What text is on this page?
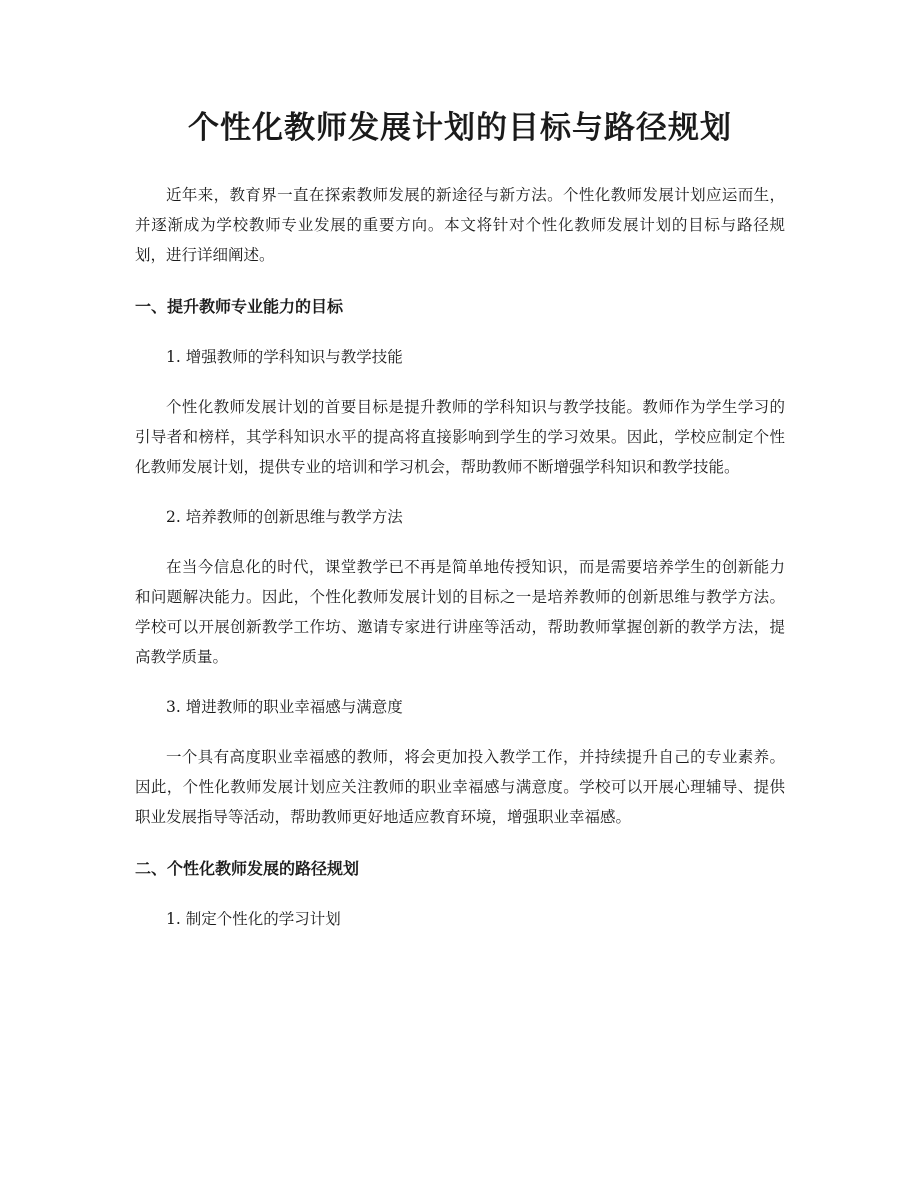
个性化教师发展计划的目标与路径规划

近年来，教育界一直在探索教师发展的新途径与新方法。个性化教师发展计划应运而生，并逐渐成为学校教师专业发展的重要方向。本文将针对个性化教师发展计划的目标与路径规划，进行详细阐述。

一、提升教师专业能力的目标

1. 增强教师的学科知识与教学技能

个性化教师发展计划的首要目标是提升教师的学科知识与教学技能。教师作为学生学习的引导者和榜样，其学科知识水平的提高将直接影响到学生的学习效果。因此，学校应制定个性化教师发展计划，提供专业的培训和学习机会，帮助教师不断增强学科知识和教学技能。

2. 培养教师的创新思维与教学方法

在当今信息化的时代，课堂教学已不再是简单地传授知识，而是需要培养学生的创新能力和问题解决能力。因此，个性化教师发展计划的目标之一是培养教师的创新思维与教学方法。学校可以开展创新教学工作坊、邀请专家进行讲座等活动，帮助教师掌握创新的教学方法，提高教学质量。

3. 增进教师的职业幸福感与满意度

一个具有高度职业幸福感的教师，将会更加投入教学工作，并持续提升自己的专业素养。因此，个性化教师发展计划应关注教师的职业幸福感与满意度。学校可以开展心理辅导、提供职业发展指导等活动，帮助教师更好地适应教育环境，增强职业幸福感。

二、个性化教师发展的路径规划

1. 制定个性化的学习计划
